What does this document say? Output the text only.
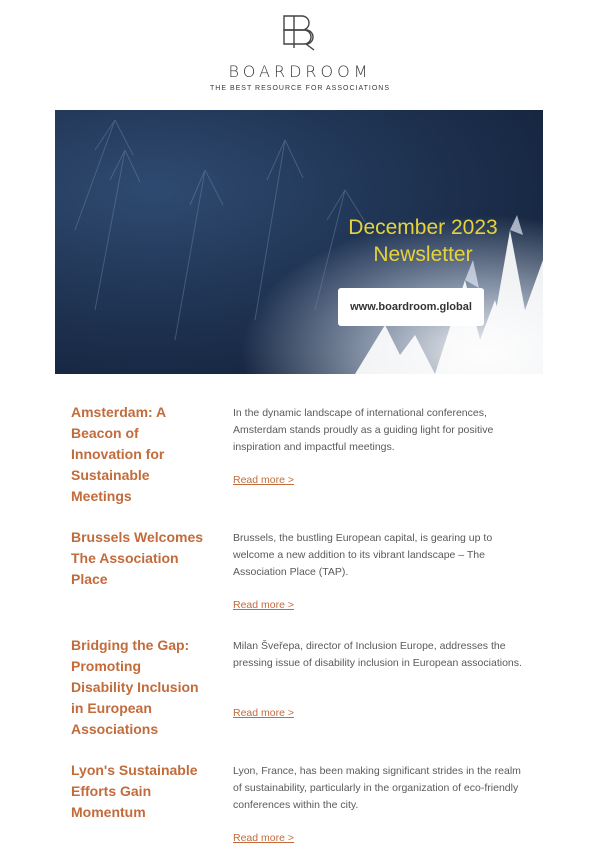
BOARDROOM
THE BEST RESOURCE FOR ASSOCIATIONS
December 2023
Newsletter
www.boardroom.global
Amsterdam: A Beacon of Innovation for Sustainable Meetings
In the dynamic landscape of international conferences, Amsterdam stands proudly as a guiding light for positive inspiration and impactful meetings.
Read more >
Brussels Welcomes The Association Place
Brussels, the bustling European capital, is gearing up to welcome a new addition to its vibrant landscape – The Association Place (TAP).
Read more >
Bridging the Gap: Promoting Disability Inclusion in European Associations
Milan Šveřepa, director of Inclusion Europe, addresses the pressing issue of disability inclusion in European associations.
Read more >
Lyon's Sustainable Efforts Gain Momentum
Lyon, France, has been making significant strides in the realm of sustainability, particularly in the organization of eco-friendly conferences within the city.
Read more >
